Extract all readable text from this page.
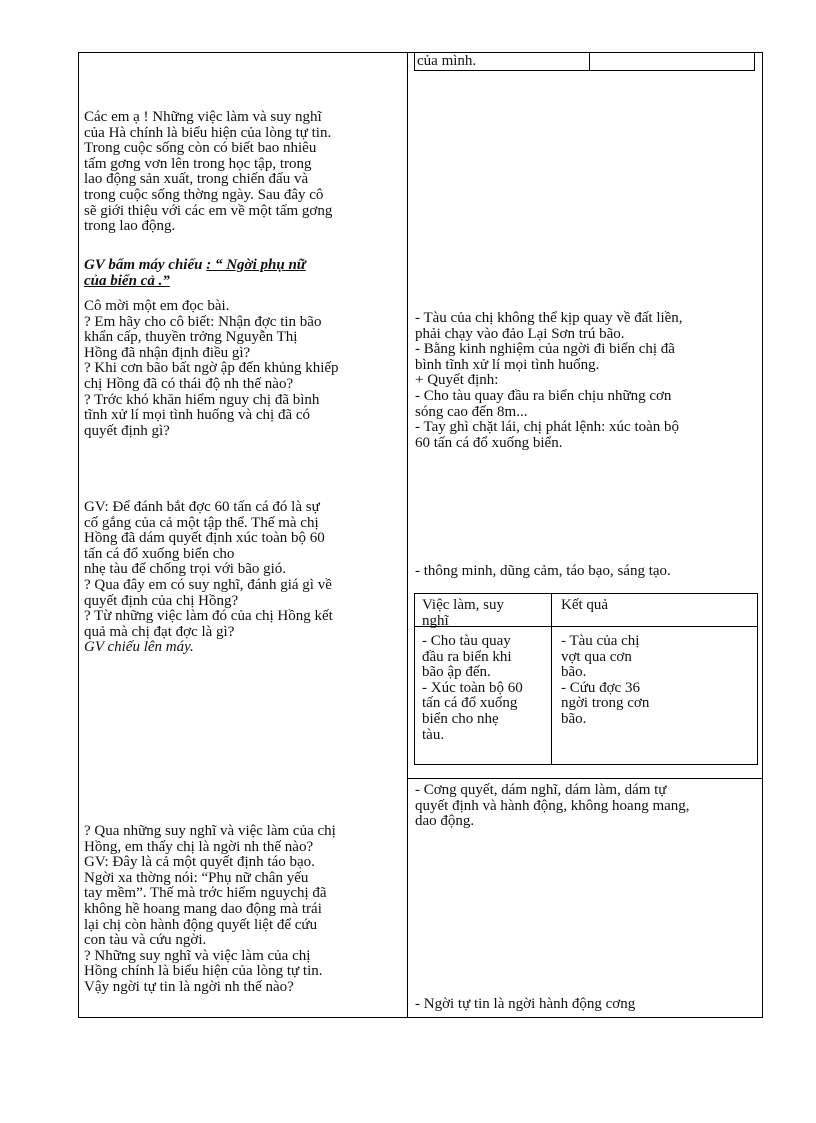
của mình.
Các em ạ ! Những việc làm và suy nghĩ
của Hà chính là biểu hiện của lòng tự tin.
Trong cuộc sống còn có biết bao nhiêu
tấm gơng vơn lên trong học tập, trong
lao động sản xuất, trong chiến đấu và
trong cuộc sống thờng ngày. Sau đây cô
sẽ giới thiệu với các em về một tấm gơng
trong lao động.
GV bấm máy chiếu : “ Ngời phụ nữ
của biển cả .”
Cô mời một em đọc bài.
? Em hãy cho cô biết: Nhận đợc tin bão
khẩn cấp, thuyền trởng Nguyễn Thị
Hồng đã nhận định điều gì?
? Khi cơn bão bất ngờ ập đến khủng khiếp
chị Hồng đã có thái độ nh thế nào?
? Trớc khó khăn hiểm nguy chị đã bình
tĩnh xử lí mọi tình huống và chị đã có
quyết định gì?
GV: Để đánh bắt đợc 60 tấn cá đó là sự
cố gắng của cả một tập thể. Thế mà chị
Hồng đã dám quyết định xúc toàn bộ 60
tấn cá đổ xuống biển cho
nhẹ tàu để chống trọi với bão gió.
? Qua đây em có suy nghĩ, đánh giá gì về
quyết định của chị Hồng?
? Từ những việc làm đó của chị Hồng kết
quả mà chị đạt đợc là gì?
GV chiếu lên máy.
? Qua những suy nghĩ và việc làm của chị
Hồng, em thấy chị là ngời nh thế nào?
GV: Đây là cả một quyết định táo bạo.
Ngời xa thờng nói: “Phụ nữ chân yếu
tay mềm”. Thế mà trớc hiểm nguychị đã
không hề hoang mang dao động mà trái
lại chị còn hành động quyết liệt để cứu
con tàu và cứu ngời.
? Những suy nghĩ và việc làm của chị
Hồng chính là biểu hiện của lòng tự tin.
Vậy ngời tự tin là ngời nh thế nào?
- Tàu của chị không thể kịp quay về đất liền,
phải chạy vào đảo Lại Sơn trú bão.
- Bằng kinh nghiệm của ngời đi biển chị đã
bình tĩnh xử lí mọi tình huống.
+ Quyết định:
- Cho tàu quay đầu ra biển chịu những cơn
sóng cao đến 8m...
- Tay ghì chặt lái, chị phát lệnh: xúc toàn bộ
60 tấn cá đổ xuống biển.
- thông minh, dũng cảm, táo bạo, sáng tạo.
Việc làm, suy
nghĩ
Kết quả
- Cho tàu quay
đầu ra biển khi
bão ập đến.
- Xúc toàn bộ 60
tấn cá đổ xuống
biển cho nhẹ
tàu.
- Tàu của chị
vợt qua cơn
bão.
- Cứu đợc 36
ngời trong cơn
bão.
- Cơng quyết, dám nghĩ, dám làm, dám tự
quyết định và hành động, không hoang mang,
dao động.
- Ngời tự tin là ngời hành động cơng
